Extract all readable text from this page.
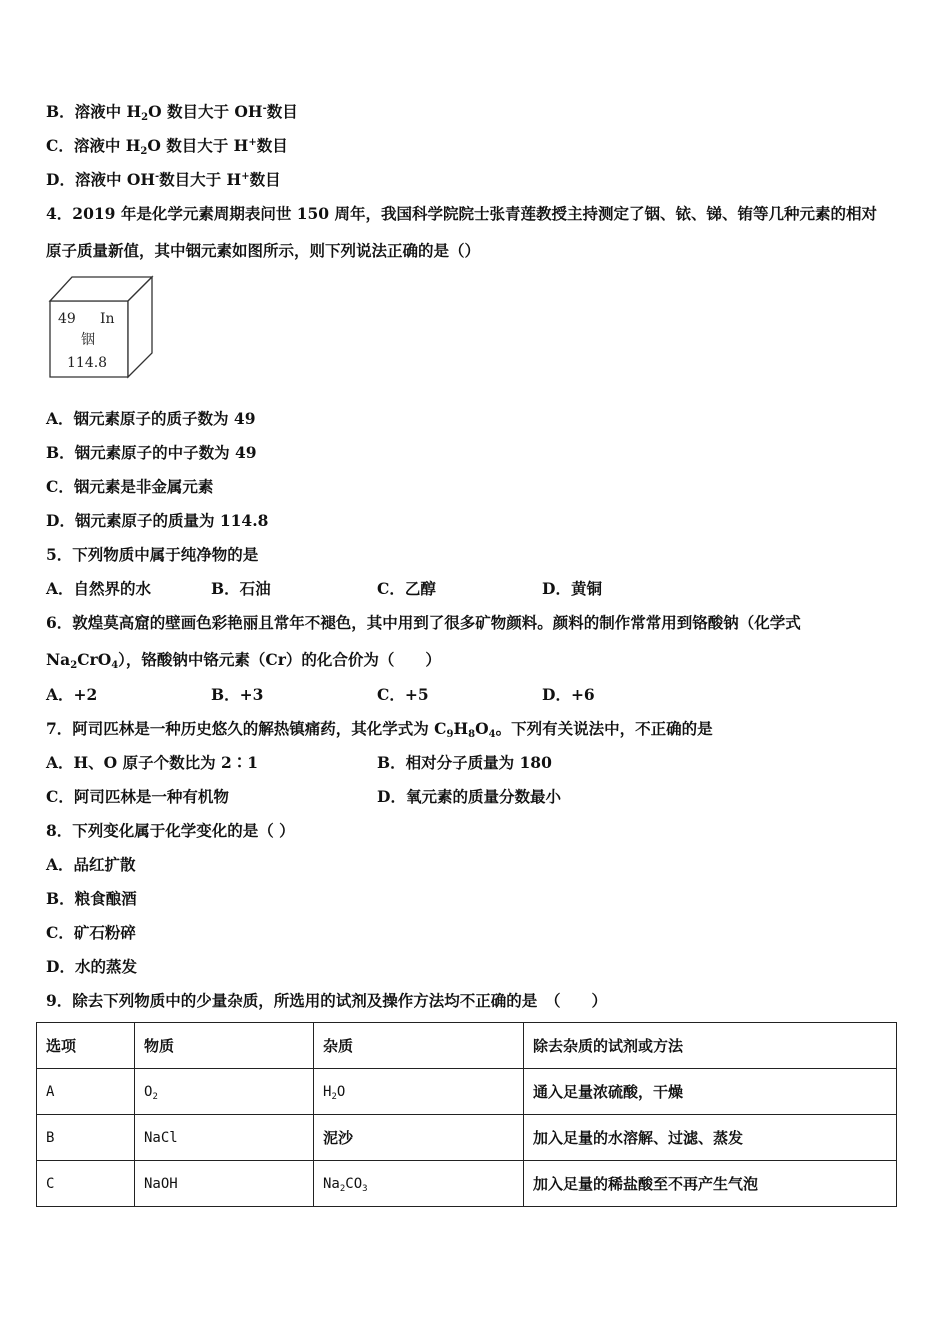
B．溶液中 $H_2O$ 数目大于 OH-数目
C．溶液中 $H_2O$ 数目大于 H+数目
D．溶液中 OH-数目大于 H+数目
4．2019 年是化学元素周期表问世 150 周年，我国科学院院士张青莲教授主持测定了铟、铱、锑、铕等几种元素的相对
原子质量新值，其中铟元素如图所示，则下列说法正确的是（）
49 In
铟
114.8
A．铟元素原子的质子数为 49
B．铟元素原子的中子数为 49
C．铟元素是非金属元素
D．铟元素原子的质量为 114.8
5．下列物质中属于纯净物的是
A．自然界的水	B．石油	C．乙醇	D．黄铜
6．敦煌莫高窟的壁画色彩艳丽且常年不褪色，其中用到了很多矿物颜料。颜料的制作常常用到铬酸钠（化学式
$Na_2CrO_4$），铬酸钠中铬元素（Cr）的化合价为（　　）
A．+2	B．+3	C．+5	D．+6
7．阿司匹林是一种历史悠久的解热镇痛药，其化学式为 $C_9H_8O_4$。下列有关说法中，不正确的是
A．H、O 原子个数比为 2∶1	B．相对分子质量为 180
C．阿司匹林是一种有机物	D．氧元素的质量分数最小
8．下列变化属于化学变化的是（ ）
A．品红扩散
B．粮食酿酒
C．矿石粉碎
D．水的蒸发
9．除去下列物质中的少量杂质，所选用的试剂及操作方法均不正确的是　（　　）
选项	物质	杂质	除去杂质的试剂或方法
A	$O_2$	$H_2O$	通入足量浓硫酸，干燥
B	NaCl	泥沙	加入足量的水溶解、过滤、蒸发
C	NaOH	$Na_2CO_3$	加入足量的稀盐酸至不再产生气泡
